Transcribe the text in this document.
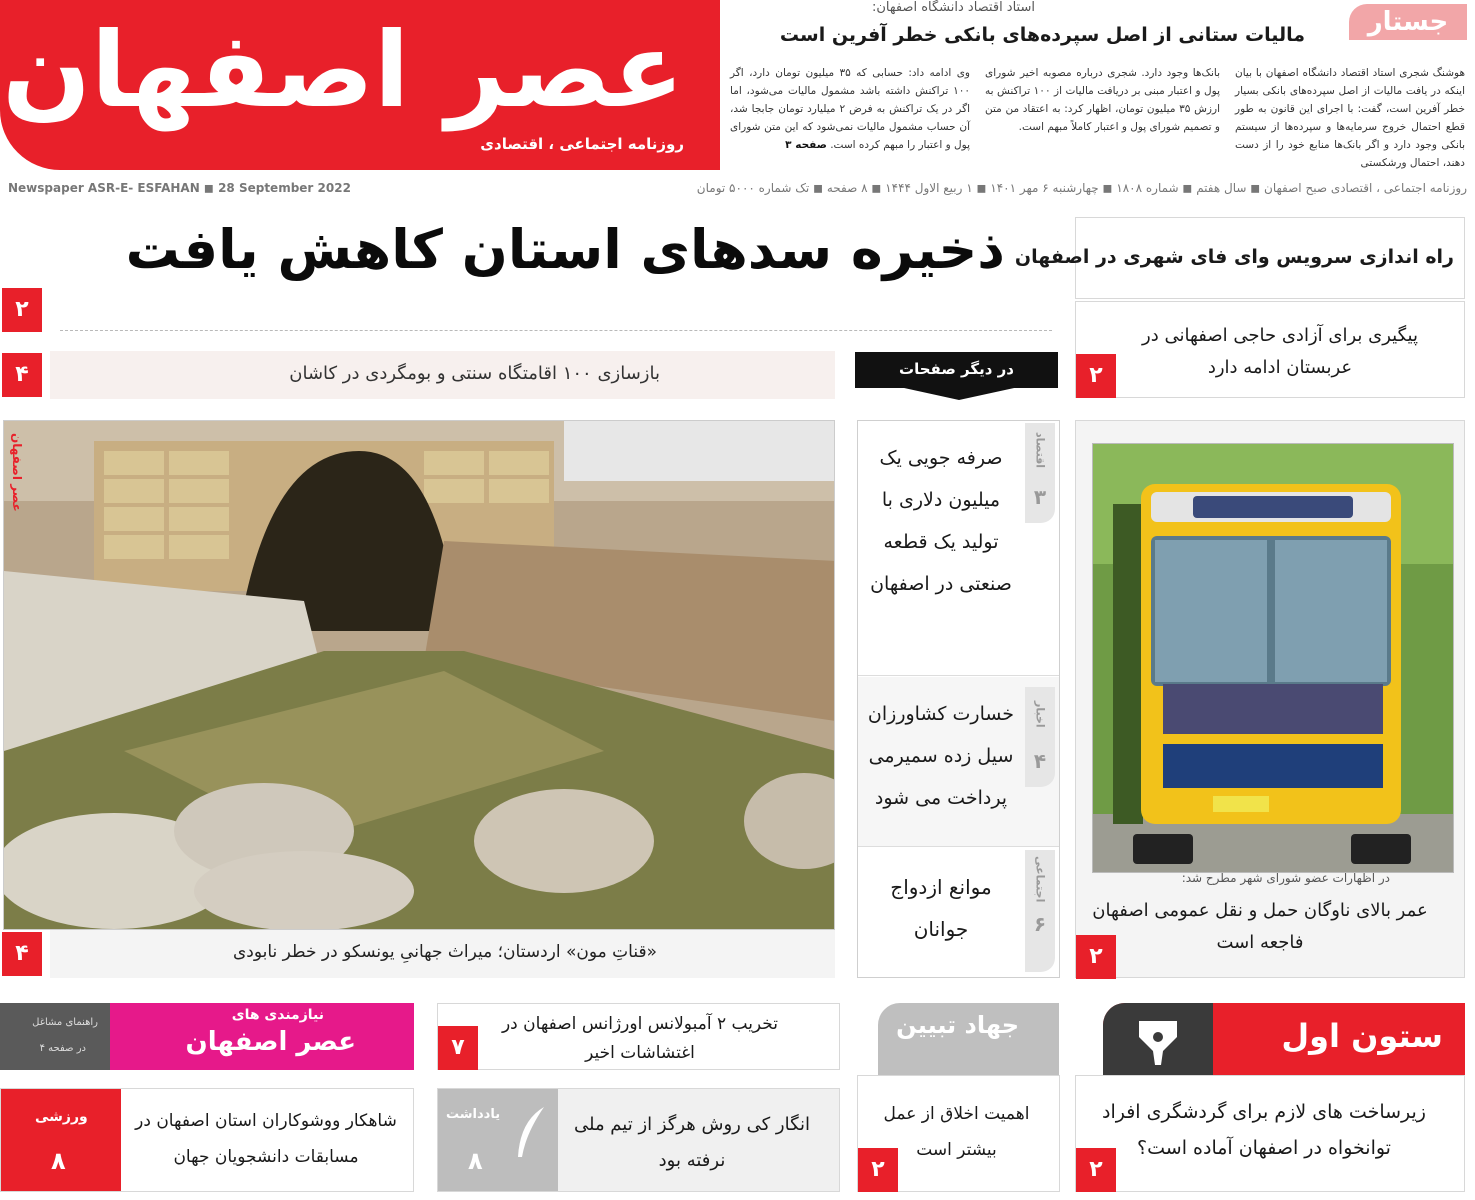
عصر اصفهان
روزنامه اجتماعی ، اقتصادی
جستار
استاد اقتصاد دانشگاه اصفهان:
مالیات ستانی از اصل سپرده‌های بانکی خطر آفرین است
هوشنگ شجری استاد اقتصاد دانشگاه اصفهان با بیان اینکه در یافت مالیات از اصل سپرده‌های بانکی بسیار خطر آفرین است، گفت: با اجرای این قانون به طور قطع احتمال خروج سرمایه‌ها و سپرده‌ها از سیستم بانکی وجود دارد و اگر بانک‌ها منابع خود را از دست دهند، احتمال ورشکستی
بانک‌ها وجود دارد. شجری درباره مصوبه اخیر شورای پول و اعتبار مبنی بر دریافت مالیات از ۱۰۰ تراکنش به ارزش ۳۵ میلیون تومان، اظهار کرد: به اعتقاد من متن و تصمیم شورای پول و اعتبار کاملاً مبهم است.
وی ادامه داد: حسابی که ۳۵ میلیون تومان دارد، اگر ۱۰۰ تراکنش داشته باشد مشمول مالیات می‌شود، اما اگر در یک تراکنش به فرض ۲ میلیارد تومان جابجا شد، آن حساب مشمول مالیات نمی‌شود که این متن شورای پول و اعتبار را مبهم کرده است. صفحه ۳
روزنامه اجتماعی ، اقتصادی صبح اصفهان ◼ سال هفتم ◼ شماره ۱۸۰۸ ◼ چهارشنبه ۶ مهر ۱۴۰۱ ◼ ۱ ربیع الاول ۱۴۴۴ ◼ ۸ صفحه ◼ تک شماره ۵۰۰۰ تومان
Newspaper ASR-E- ESFAHAN ◼ 28 September 2022
راه اندازی سرویس وای فای شهری در اصفهان
پیگیری برای آزادی حاجی اصفهانی در عربستان ادامه دارد
۲
در اظهارات عضو شورای شهر مطرح شد:
عمر بالای ناوگان حمل و نقل عمومی اصفهان فاجعه است
۲
ذخیره سدهای استان کاهش یافت
۲
۴	بازسازی ۱۰۰ اقامتگاه سنتی و بومگردی در کاشان	در دیگر صفحات
عصر اصفهان
۴	«قناتِ مون» اردستان؛ میراث جهانیِ یونسکو در خطر نابودی
اقتصاد
۳
صرفه جویی یک میلیون دلاری با تولید یک قطعه صنعتی در اصفهان
اخبار
۴
خسارت کشاورزان سیل زده سمیرمی پرداخت می شود
اجتماعی
۶
موانع ازدواج جوانان
ستون اول
زیرساخت های لازم برای گردشگری افراد توانخواه در اصفهان آماده است؟
۲
جهاد تبیین
اهمیت اخلاق از عمل بیشتر است
۲
تخریب ۲ آمبولانس اورژانس اصفهان در اغتشاشات اخیر
۷
یادداشت
۸
انگار کی روش هرگز از تیم ملی نرفته بود
نیازمندی های
عصر اصفهان
راهنمای مشاغل
در صفحه ۴
ورزشی
۸
شاهکار ووشوکاران استان اصفهان در مسابقات دانشجویان جهان
